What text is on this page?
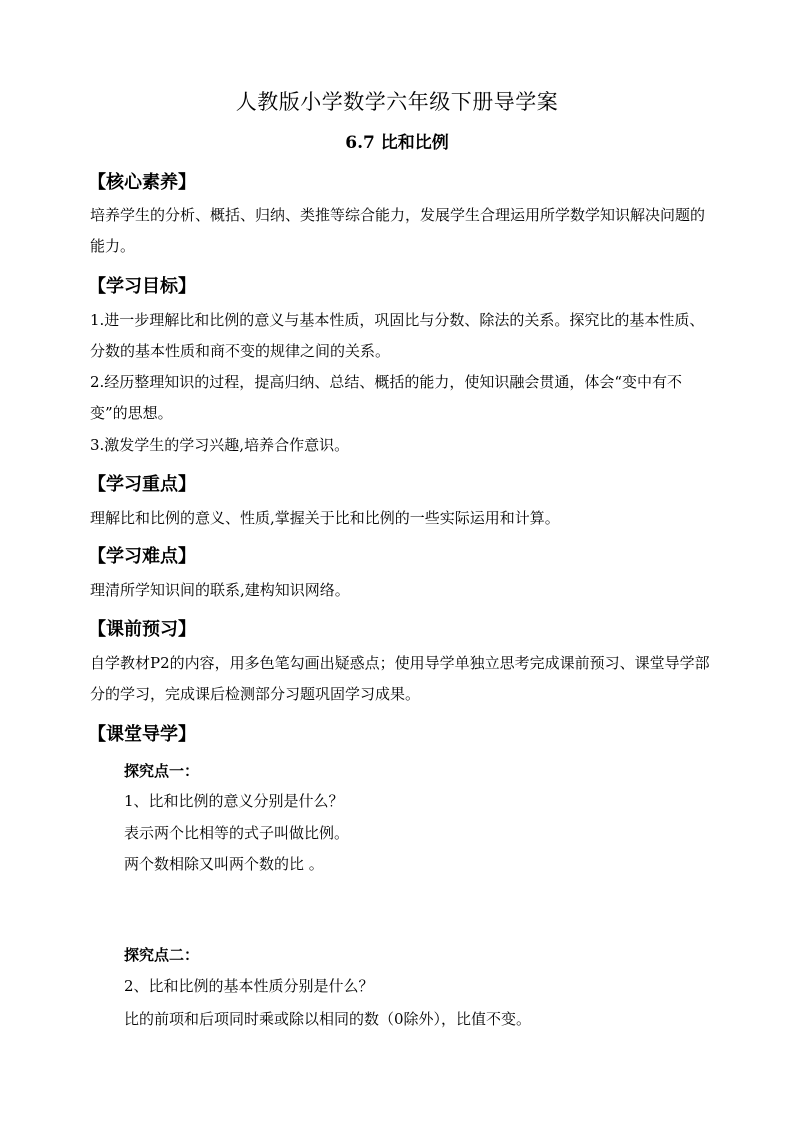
人教版小学数学六年级下册导学案
6.7 比和比例
【核心素养】
培养学生的分析、概括、归纳、类推等综合能力，发展学生合理运用所学数学知识解决问题的能力。
【学习目标】
1.进一步理解比和比例的意义与基本性质，巩固比与分数、除法的关系。探究比的基本性质、分数的基本性质和商不变的规律之间的关系。
2.经历整理知识的过程，提高归纳、总结、概括的能力，使知识融会贯通，体会“变中有不变”的思想。
3.激发学生的学习兴趣,培养合作意识。
【学习重点】
理解比和比例的意义、性质,掌握关于比和比例的一些实际运用和计算。
【学习难点】
理清所学知识间的联系,建构知识网络。
【课前预习】
自学教材P2的内容，用多色笔勾画出疑惑点；使用导学单独立思考完成课前预习、课堂导学部分的学习，完成课后检测部分习题巩固学习成果。
【课堂导学】
探究点一：
1、比和比例的意义分别是什么？
表示两个比相等的式子叫做比例。
两个数相除又叫两个数的比 。
探究点二：
2、比和比例的基本性质分别是什么？
比的前项和后项同时乘或除以相同的数（0除外），比值不变。
